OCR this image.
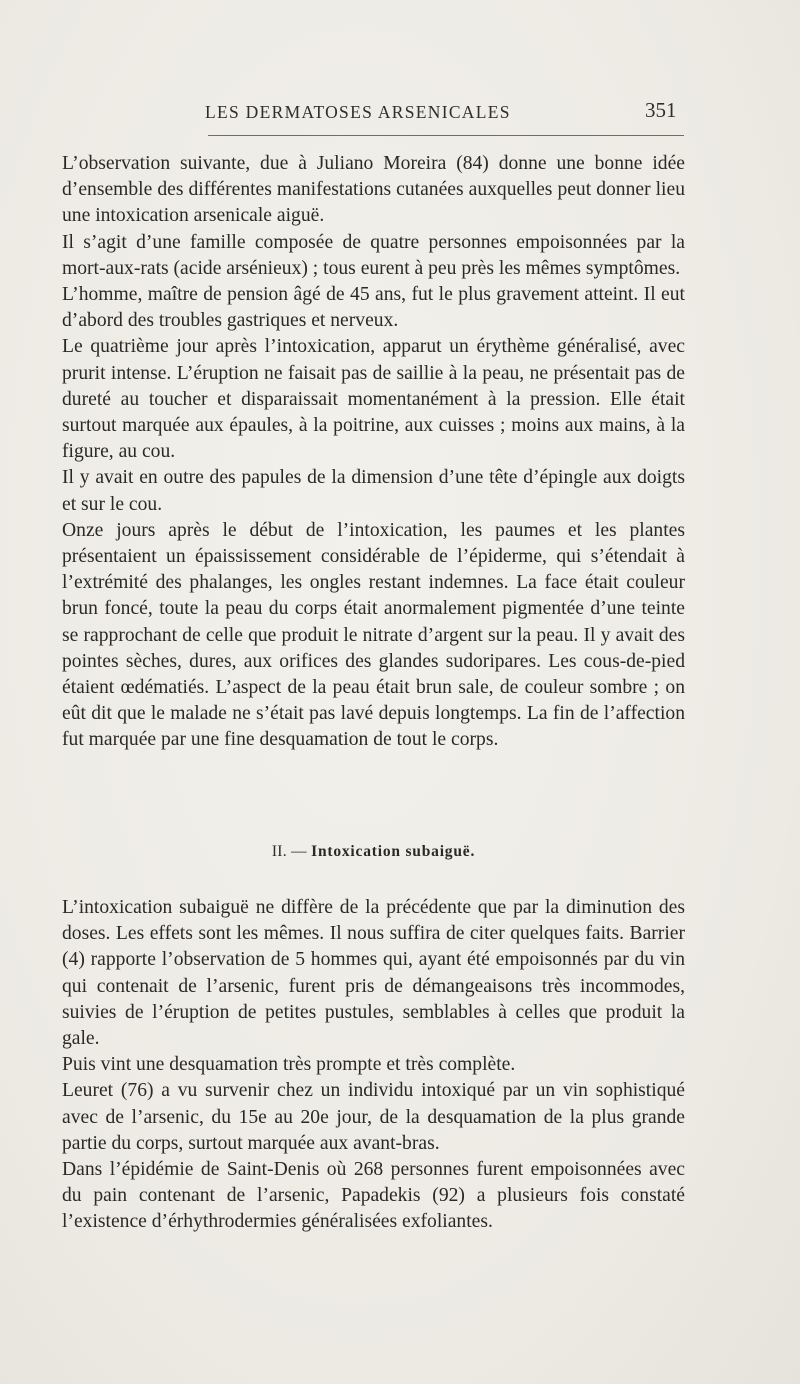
LES DERMATOSES ARSENICALES	351

L’observation suivante, due à Juliano Moreira (84) donne une bonne idée d’ensemble des différentes manifestations cutanées auxquelles peut donner lieu une intoxication arsenicale aiguë.

Il s’agit d’une famille composée de quatre personnes empoisonnées par la mort-aux-rats (acide arsénieux) ; tous eurent à peu près les mêmes symptômes.

L’homme, maître de pension âgé de 45 ans, fut le plus gravement atteint. Il eut d’abord des troubles gastriques et nerveux.

Le quatrième jour après l’intoxication, apparut un érythème généralisé, avec prurit intense. L’éruption ne faisait pas de saillie à la peau, ne présentait pas de dureté au toucher et disparaissait momentanément à la pression. Elle était surtout marquée aux épaules, à la poitrine, aux cuisses ; moins aux mains, à la figure, au cou.

Il y avait en outre des papules de la dimension d’une tête d’épingle aux doigts et sur le cou.

Onze jours après le début de l’intoxication, les paumes et les plantes présentaient un épaississement considérable de l’épiderme, qui s’étendait à l’extrémité des phalanges, les ongles restant indemnes. La face était couleur brun foncé, toute la peau du corps était anormalement pigmentée d’une teinte se rapprochant de celle que produit le nitrate d’argent sur la peau. Il y avait des pointes sèches, dures, aux orifices des glandes sudoripares. Les cous-de-pied étaient œdématiés. L’aspect de la peau était brun sale, de couleur sombre ; on eût dit que le malade ne s’était pas lavé depuis longtemps. La fin de l’affection fut marquée par une fine desquamation de tout le corps.

II. — Intoxication subaiguë.

L’intoxication subaiguë ne diffère de la précédente que par la diminution des doses. Les effets sont les mêmes. Il nous suffira de citer quelques faits. Barrier (4) rapporte l’observation de 5 hommes qui, ayant été empoisonnés par du vin qui contenait de l’arsenic, furent pris de démangeaisons très incommodes, suivies de l’éruption de petites pustules, semblables à celles que produit la gale.

Puis vint une desquamation très prompte et très complète.

Leuret (76) a vu survenir chez un individu intoxiqué par un vin sophistiqué avec de l’arsenic, du 15e au 20e jour, de la desquamation de la plus grande partie du corps, surtout marquée aux avant-bras.

Dans l’épidémie de Saint-Denis où 268 personnes furent empoisonnées avec du pain contenant de l’arsenic, Papadekis (92) a plusieurs fois constaté l’existence d’érhythrodermies généralisées exfoliantes.
